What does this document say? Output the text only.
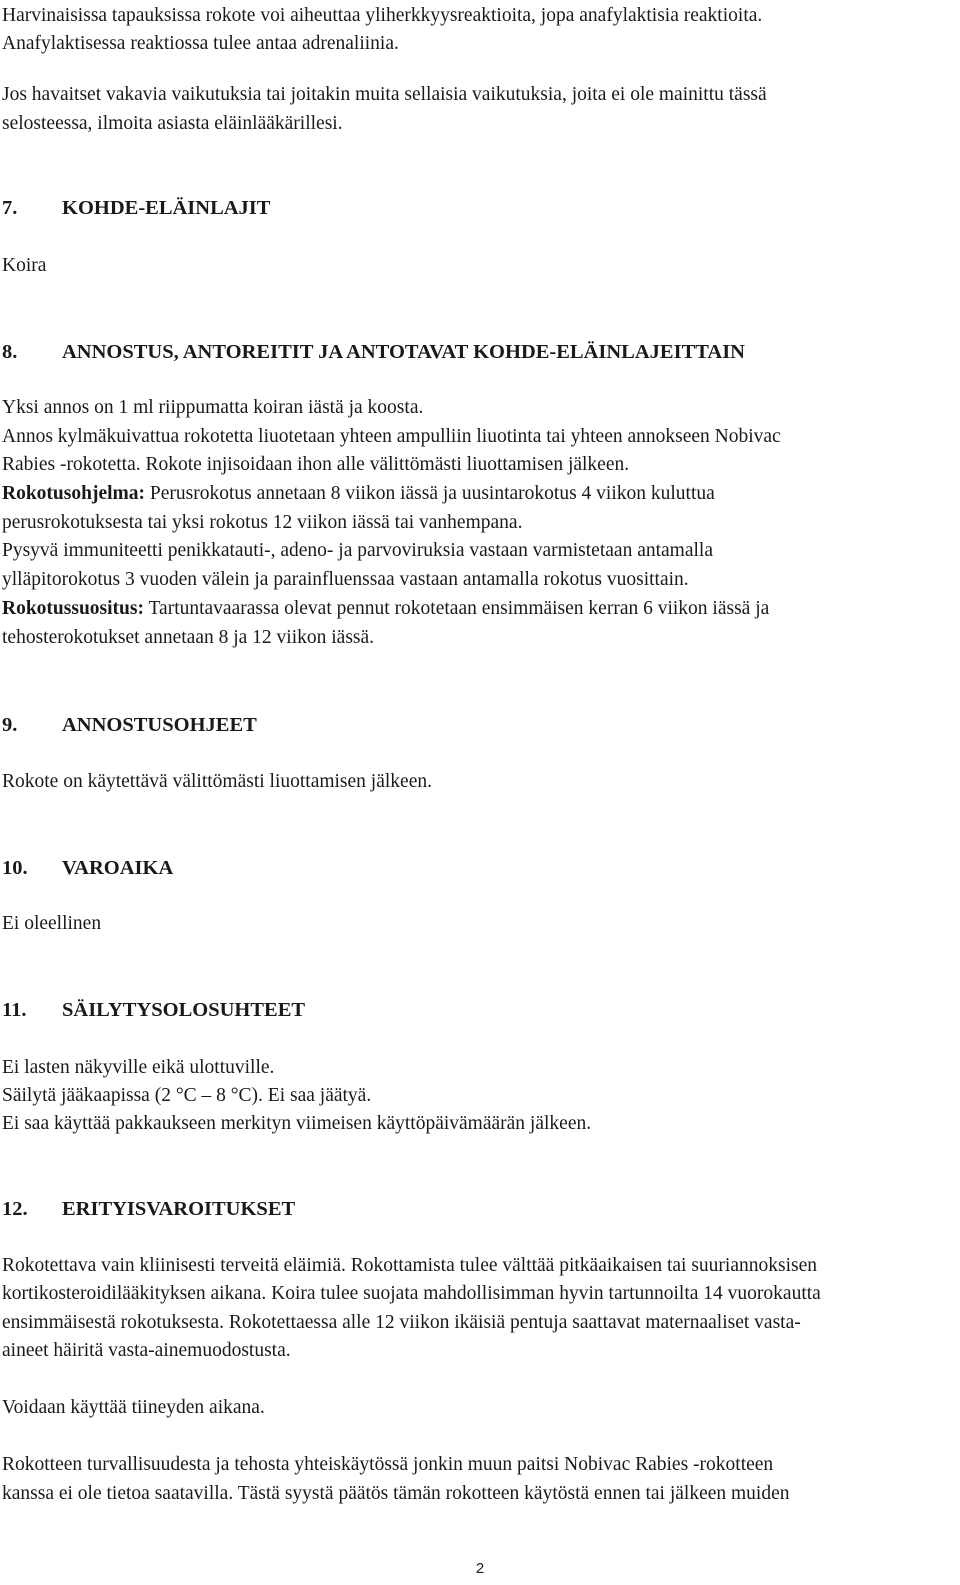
Harvinaisissa tapauksissa rokote voi aiheuttaa yliherkkyysreaktioita, jopa anafylaktisia reaktioita.
Anafylaktisessa reaktiossa tulee antaa adrenaliinia.
Jos havaitset vakavia vaikutuksia tai joitakin muita sellaisia vaikutuksia, joita ei ole mainittu tässä
selosteessa, ilmoita asiasta eläinlääkärillesi.
7. KOHDE-ELÄINLAJIT
Koira
8. ANNOSTUS, ANTOREITIT JA ANTOTAVAT KOHDE-ELÄINLAJEITTAIN
Yksi annos on 1 ml riippumatta koiran iästä ja koosta.
Annos kylmäkuivattua rokotetta liuotetaan yhteen ampulliin liuotinta tai yhteen annokseen Nobivac
Rabies -rokotetta. Rokote injisoidaan ihon alle välittömästi liuottamisen jälkeen.
Rokotusohjelma: Perusrokotus annetaan 8 viikon iässä ja uusintarokotus 4 viikon kuluttua
perusrokotuksesta tai yksi rokotus 12 viikon iässä tai vanhempana.
Pysyvä immuniteetti penikkatauti-, adeno- ja parvoviruksia vastaan varmistetaan antamalla
ylläpitorokotus 3 vuoden välein ja parainfluenssaa vastaan antamalla rokotus vuosittain.
Rokotussuositus: Tartuntavaarassa olevat pennut rokotetaan ensimmäisen kerran 6 viikon iässä ja
tehosterokotukset annetaan 8 ja 12 viikon iässä.
9. ANNOSTUSOHJEET
Rokote on käytettävä välittömästi liuottamisen jälkeen.
10. VAROAIKA
Ei oleellinen
11. SÄILYTYSOLOSUHTEET
Ei lasten näkyville eikä ulottuville.
Säilytä jääkaapissa (2 °C – 8 °C). Ei saa jäätyä.
Ei saa käyttää pakkaukseen merkityn viimeisen käyttöpäivämäärän jälkeen.
12. ERITYISVAROITUKSET
Rokotettava vain kliinisesti terveitä eläimiä. Rokottamista tulee välttää pitkäaikaisen tai suuriannoksisen
kortikosteroidilääkityksen aikana. Koira tulee suojata mahdollisimman hyvin tartunnoilta 14 vuorokautta
ensimmäisestä rokotuksesta. Rokotettaessa alle 12 viikon ikäisiä pentuja saattavat maternaaliset vasta-
aineet häiritä vasta-ainemuodostusta.
Voidaan käyttää tiineyden aikana.
Rokotteen turvallisuudesta ja tehosta yhteiskäytössä jonkin muun paitsi Nobivac Rabies -rokotteen
kanssa ei ole tietoa saatavilla. Tästä syystä päätös tämän rokotteen käytöstä ennen tai jälkeen muiden
2
